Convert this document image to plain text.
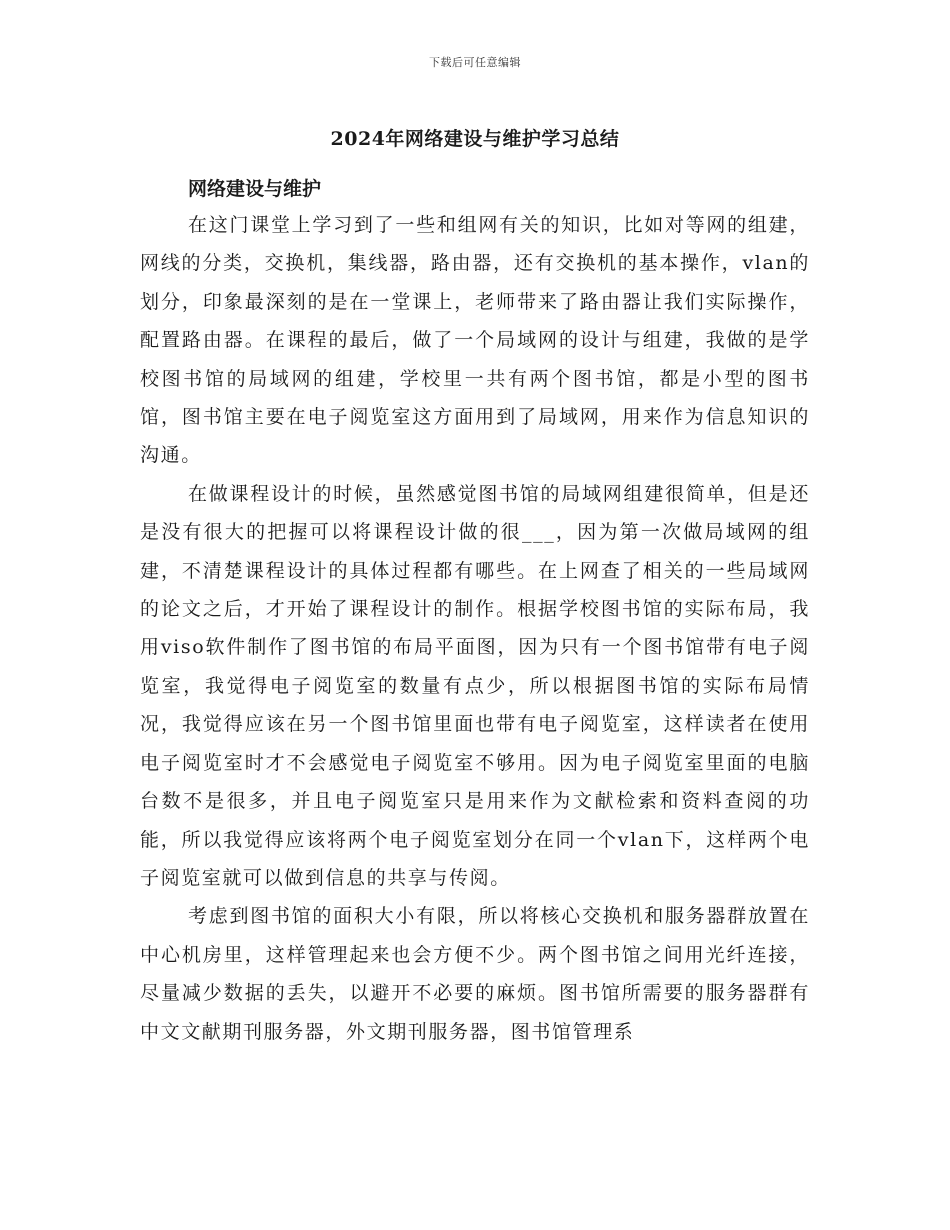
下载后可任意编辑
2024年网络建设与维护学习总结
网络建设与维护

在这门课堂上学习到了一些和组网有关的知识，比如对等网的组建，网线的分类，交换机，集线器，路由器，还有交换机的基本操作，vlan的划分，印象最深刻的是在一堂课上，老师带来了路由器让我们实际操作，配置路由器。在课程的最后，做了一个局域网的设计与组建，我做的是学校图书馆的局域网的组建，学校里一共有两个图书馆，都是小型的图书馆，图书馆主要在电子阅览室这方面用到了局域网，用来作为信息知识的沟通。

在做课程设计的时候，虽然感觉图书馆的局域网组建很简单，但是还是没有很大的把握可以将课程设计做的很___，因为第一次做局域网的组建，不清楚课程设计的具体过程都有哪些。在上网查了相关的一些局域网的论文之后，才开始了课程设计的制作。根据学校图书馆的实际布局，我用viso软件制作了图书馆的布局平面图，因为只有一个图书馆带有电子阅览室，我觉得电子阅览室的数量有点少，所以根据图书馆的实际布局情况，我觉得应该在另一个图书馆里面也带有电子阅览室，这样读者在使用电子阅览室时才不会感觉电子阅览室不够用。因为电子阅览室里面的电脑台数不是很多，并且电子阅览室只是用来作为文献检索和资料查阅的功能，所以我觉得应该将两个电子阅览室划分在同一个vlan下，这样两个电子阅览室就可以做到信息的共享与传阅。

考虑到图书馆的面积大小有限，所以将核心交换机和服务器群放置在中心机房里，这样管理起来也会方便不少。两个图书馆之间用光纤连接，尽量减少数据的丢失，以避开不必要的麻烦。图书馆所需要的服务器群有中文文献期刊服务器，外文期刊服务器，图书馆管理系
